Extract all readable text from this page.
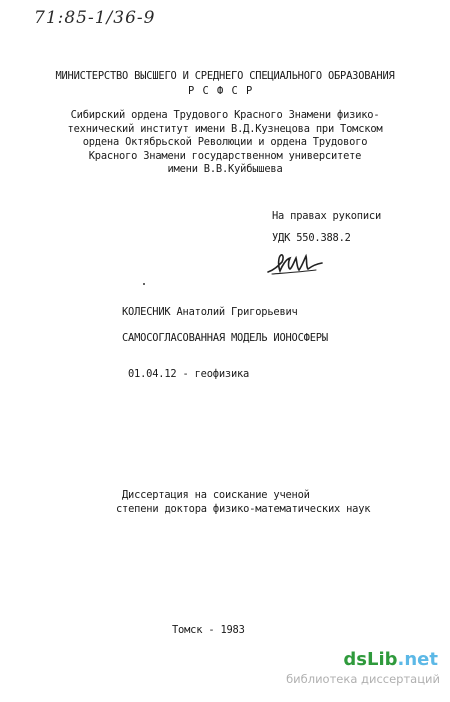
71:85-1/36-9
МИНИСТЕРСТВО ВЫСШЕГО И СРЕДНЕГО СПЕЦИАЛЬНОГО ОБРАЗОВАНИЯ
Р С Ф С Р
Сибирский ордена Трудового Красного Знамени физико-
технический институт имени В.Д.Кузнецова при Томском
ордена Октябрьской Революции и ордена Трудового
Красного Знамени государственном университете
имени В.В.Куйбышева
На правах рукописи
УДК 550.388.2
КОЛЕСНИК Анатолий Григорьевич
САМОСОГЛАСОВАННАЯ МОДЕЛЬ ИОНОСФЕРЫ
01.04.12 - геофизика
Диссертация на соискание ученой
степени доктора физико-математических наук
Томск - 1983
dsLib.net
библиотека диссертаций
